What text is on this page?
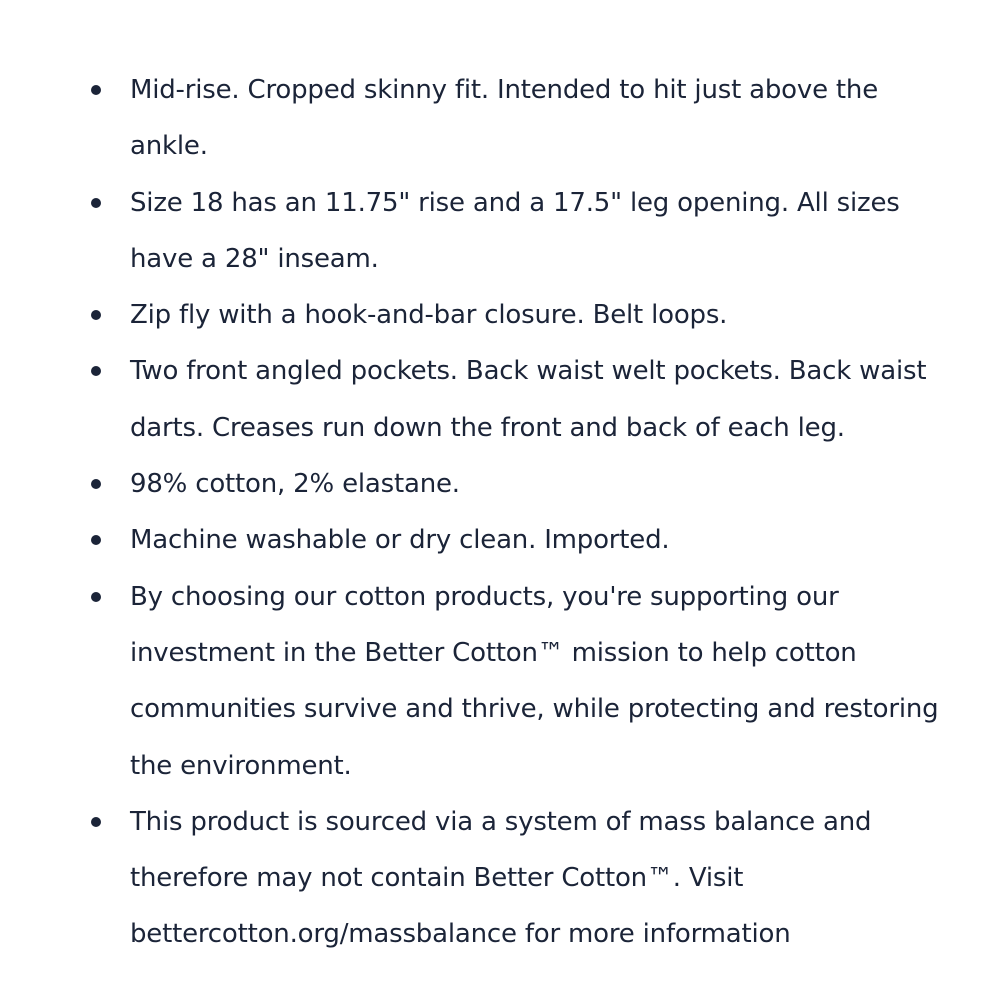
Mid-rise. Cropped skinny fit. Intended to hit just above the ankle.
Size 18 has an 11.75" rise and a 17.5" leg opening. All sizes have a 28" inseam.
Zip fly with a hook-and-bar closure. Belt loops.
Two front angled pockets. Back waist welt pockets. Back waist darts. Creases run down the front and back of each leg.
98% cotton, 2% elastane.
Machine washable or dry clean. Imported.
By choosing our cotton products, you're supporting our investment in the Better Cotton™ mission to help cotton communities survive and thrive, while protecting and restoring the environment.
This product is sourced via a system of mass balance and therefore may not contain Better Cotton™. Visit bettercotton.org/massbalance for more information
